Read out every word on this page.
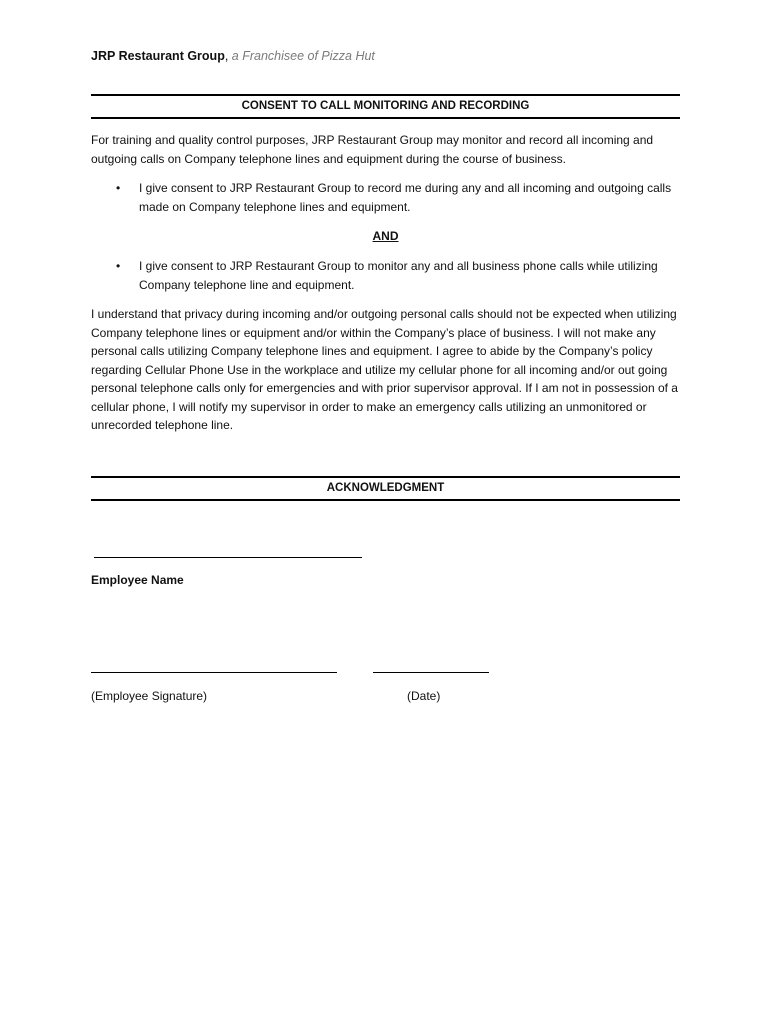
JRP Restaurant Group, a Franchisee of Pizza Hut
CONSENT TO CALL MONITORING AND RECORDING

For training and quality control purposes, JRP Restaurant Group may monitor and record all incoming and outgoing calls on Company telephone lines and equipment during the course of business.

• I give consent to JRP Restaurant Group to record me during any and all incoming and outgoing calls made on Company telephone lines and equipment.

AND

• I give consent to JRP Restaurant Group to monitor any and all business phone calls while utilizing Company telephone line and equipment.

I understand that privacy during incoming and/or outgoing personal calls should not be expected when utilizing Company telephone lines or equipment and/or within the Company’s place of business. I will not make any personal calls utilizing Company telephone lines and equipment. I agree to abide by the Company’s policy regarding Cellular Phone Use in the workplace and utilize my cellular phone for all incoming and/or out going personal telephone calls only for emergencies and with prior supervisor approval. If I am not in possession of a cellular phone, I will notify my supervisor in order to make an emergency calls utilizing an unmonitored or unrecorded telephone line.

ACKNOWLEDGMENT
Employee Name
(Employee Signature)	(Date)
